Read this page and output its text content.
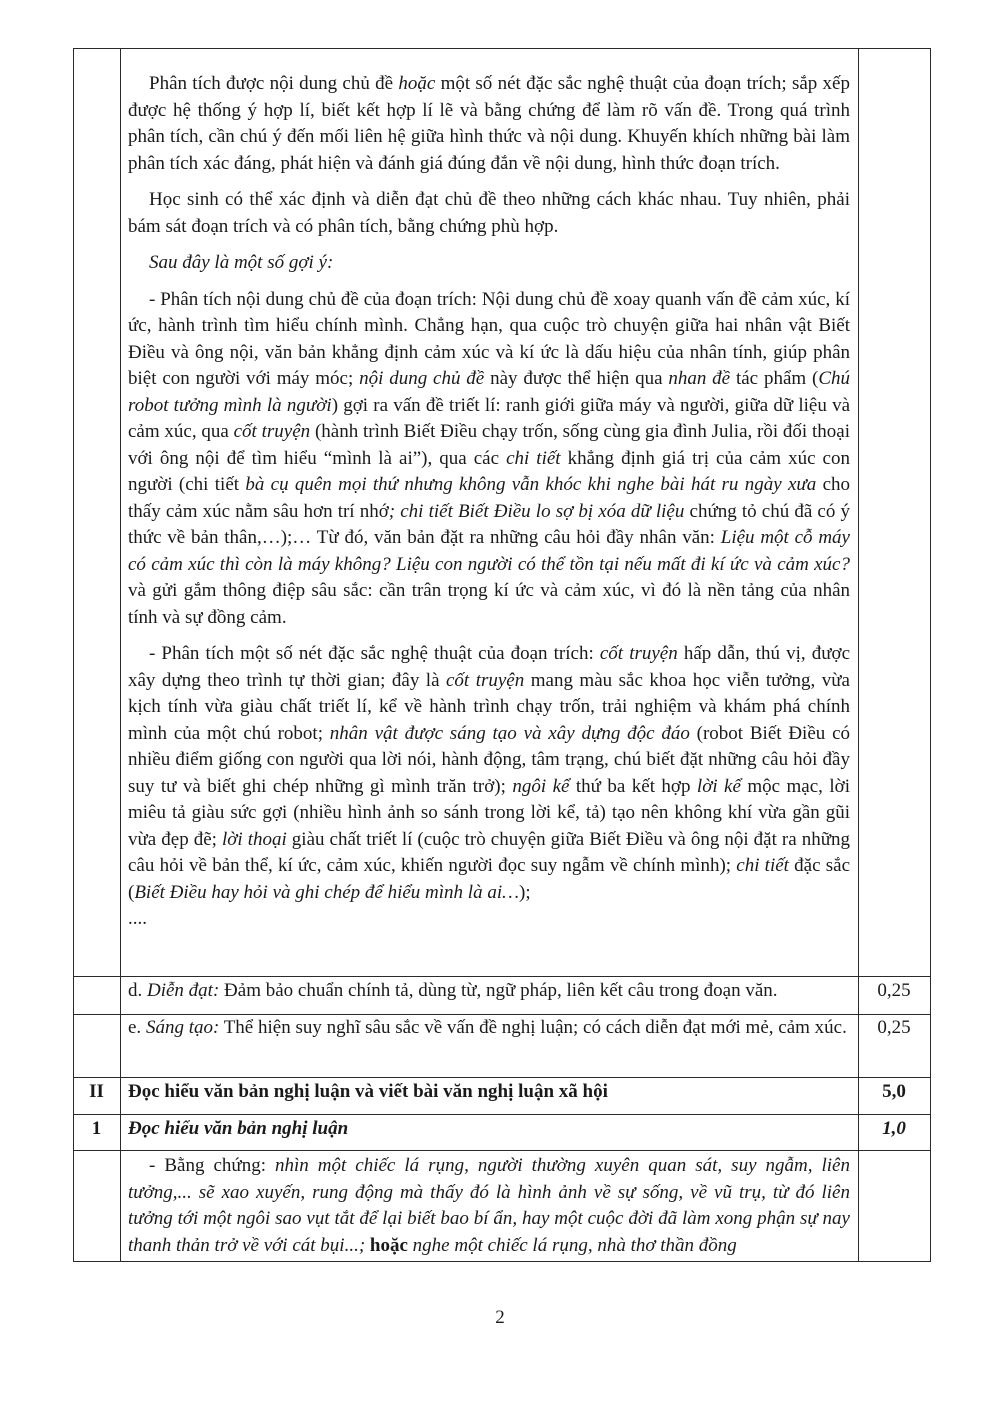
Phân tích được nội dung chủ đề hoặc một số nét đặc sắc nghệ thuật của đoạn trích; sắp xếp được hệ thống ý hợp lí, biết kết hợp lí lẽ và bằng chứng để làm rõ vấn đề. Trong quá trình phân tích, cần chú ý đến mối liên hệ giữa hình thức và nội dung. Khuyến khích những bài làm phân tích xác đáng, phát hiện và đánh giá đúng đắn về nội dung, hình thức đoạn trích.

Học sinh có thể xác định và diễn đạt chủ đề theo những cách khác nhau. Tuy nhiên, phải bám sát đoạn trích và có phân tích, bằng chứng phù hợp.

Sau đây là một số gợi ý:

- Phân tích nội dung chủ đề của đoạn trích: Nội dung chủ đề xoay quanh vấn đề cảm xúc, kí ức, hành trình tìm hiểu chính mình. Chẳng hạn, qua cuộc trò chuyện giữa hai nhân vật Biết Điều và ông nội, văn bản khẳng định cảm xúc và kí ức là dấu hiệu của nhân tính, giúp phân biệt con người với máy móc; nội dung chủ đề này được thể hiện qua nhan đề tác phẩm (Chú robot tưởng mình là người) gợi ra vấn đề triết lí: ranh giới giữa máy và người, giữa dữ liệu và cảm xúc, qua cốt truyện (hành trình Biết Điều chạy trốn, sống cùng gia đình Julia, rồi đối thoại với ông nội để tìm hiểu “mình là ai”), qua các chi tiết khẳng định giá trị của cảm xúc con người (chi tiết bà cụ quên mọi thứ nhưng không vẫn khóc khi nghe bài hát ru ngày xưa cho thấy cảm xúc nằm sâu hơn trí nhớ; chi tiết Biết Điều lo sợ bị xóa dữ liệu chứng tỏ chú đã có ý thức về bản thân,…);… Từ đó, văn bản đặt ra những câu hỏi đầy nhân văn: Liệu một cỗ máy có cảm xúc thì còn là máy không? Liệu con người có thể tồn tại nếu mất đi kí ức và cảm xúc? và gửi gắm thông điệp sâu sắc: cần trân trọng kí ức và cảm xúc, vì đó là nền tảng của nhân tính và sự đồng cảm.

- Phân tích một số nét đặc sắc nghệ thuật của đoạn trích: cốt truyện hấp dẫn, thú vị, được xây dựng theo trình tự thời gian; đây là cốt truyện mang màu sắc khoa học viễn tưởng, vừa kịch tính vừa giàu chất triết lí, kể về hành trình chạy trốn, trải nghiệm và khám phá chính mình của một chú robot; nhân vật được sáng tạo và xây dựng độc đáo (robot Biết Điều có nhiều điểm giống con người qua lời nói, hành động, tâm trạng, chú biết đặt những câu hỏi đầy suy tư và biết ghi chép những gì mình trăn trở); ngôi kể thứ ba kết hợp lời kể mộc mạc, lời miêu tả giàu sức gợi (nhiều hình ảnh so sánh trong lời kể, tả) tạo nên không khí vừa gần gũi vừa đẹp đẽ; lời thoại giàu chất triết lí (cuộc trò chuyện giữa Biết Điều và ông nội đặt ra những câu hỏi về bản thể, kí ức, cảm xúc, khiến người đọc suy ngẫm về chính mình); chi tiết đặc sắc (Biết Điều hay hỏi và ghi chép để hiểu mình là ai…);
....

d. Diễn đạt: Đảm bảo chuẩn chính tả, dùng từ, ngữ pháp, liên kết câu trong đoạn văn.	0,25
e. Sáng tạo: Thể hiện suy nghĩ sâu sắc về vấn đề nghị luận; có cách diễn đạt mới mẻ, cảm xúc.	0,25
II	Đọc hiểu văn bản nghị luận và viết bài văn nghị luận xã hội	5,0
1	Đọc hiểu văn bản nghị luận	1,0

- Bằng chứng: nhìn một chiếc lá rụng, người thường xuyên quan sát, suy ngẫm, liên tưởng,... sẽ xao xuyến, rung động mà thấy đó là hình ảnh về sự sống, về vũ trụ, từ đó liên tưởng tới một ngôi sao vụt tắt để lại biết bao bí ẩn, hay một cuộc đời đã làm xong phận sự nay thanh thản trở về với cát bụi...; hoặc nghe một chiếc lá rụng, nhà thơ thần đồng

2
